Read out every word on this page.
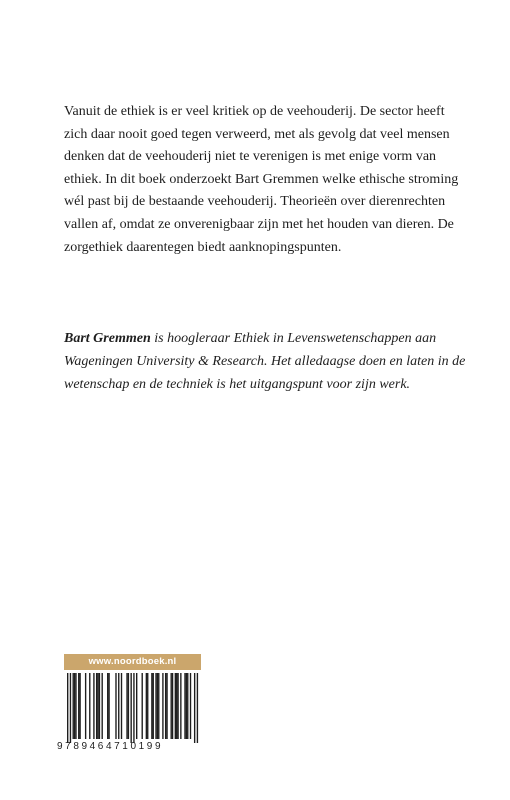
Vanuit de ethiek is er veel kritiek op de veehouderij. De sector heeft zich daar nooit goed tegen verweerd, met als gevolg dat veel mensen denken dat de veehouderij niet te verenigen is met enige vorm van ethiek. In dit boek onderzoekt Bart Gremmen welke ethische stroming wél past bij de bestaande veehouderij. Theorieën over dierenrechten vallen af, omdat ze onverenigbaar zijn met het houden van dieren. De zorgethiek daarentegen biedt aanknopingspunten.

Bart Gremmen is hoogleraar Ethiek in Levenswetenschappen aan Wageningen University & Research. Het alledaagse doen en laten in de wetenschap en de techniek is het uitgangspunt voor zijn werk.

www.noordboek.nl
9789464710199
